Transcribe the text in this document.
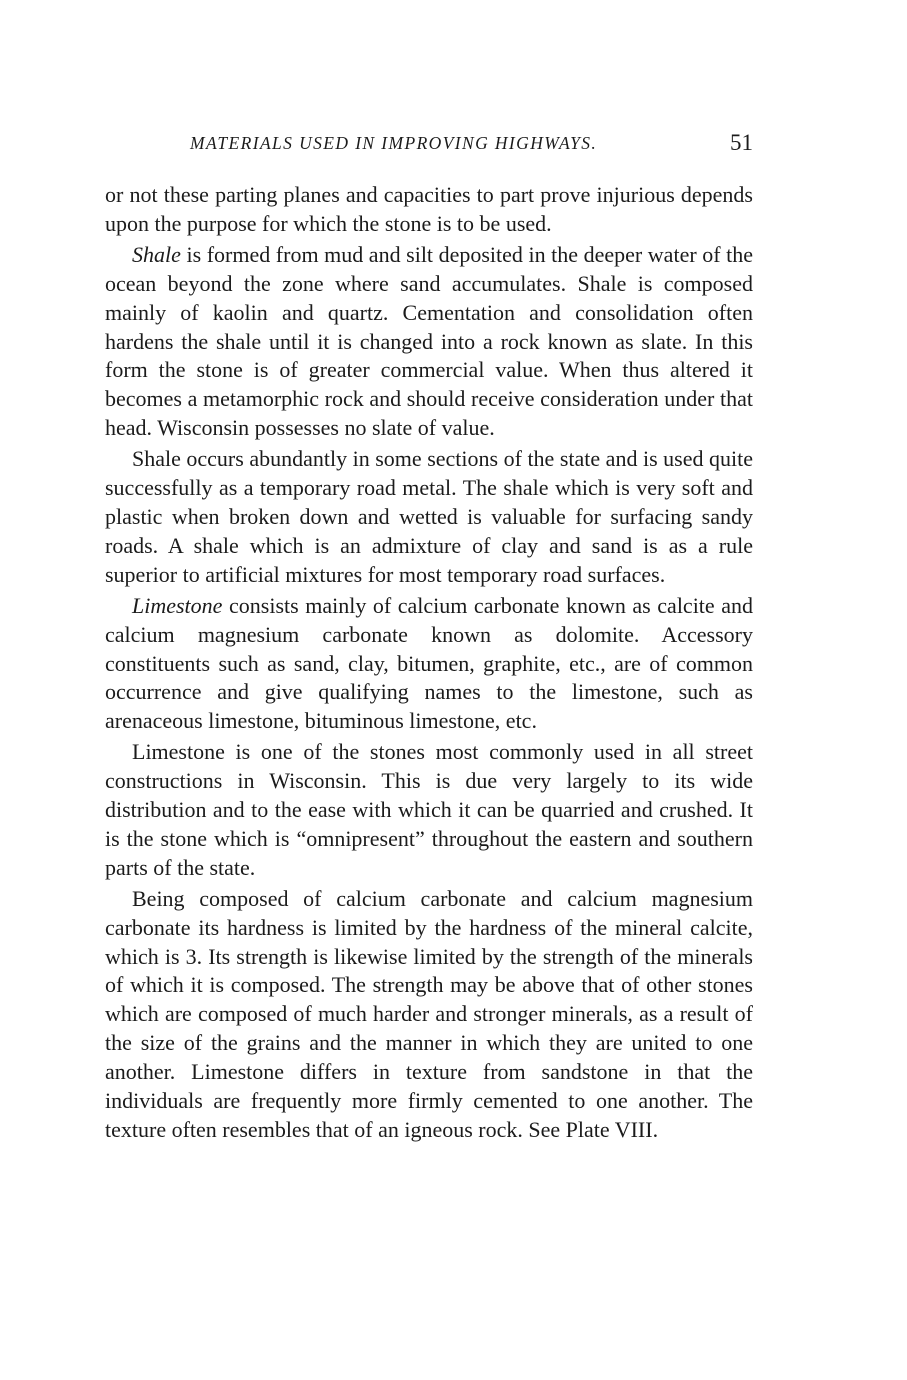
MATERIALS USED IN IMPROVING HIGHWAYS.	51

or not these parting planes and capacities to part prove injurious depends upon the purpose for which the stone is to be used.

Shale is formed from mud and silt deposited in the deeper water of the ocean beyond the zone where sand accumulates. Shale is composed mainly of kaolin and quartz. Cementation and consolidation often hardens the shale until it is changed into a rock known as slate. In this form the stone is of greater commercial value. When thus altered it becomes a metamorphic rock and should receive consideration under that head. Wisconsin possesses no slate of value.

Shale occurs abundantly in some sections of the state and is used quite successfully as a temporary road metal. The shale which is very soft and plastic when broken down and wetted is valuable for surfacing sandy roads. A shale which is an admixture of clay and sand is as a rule superior to artificial mixtures for most temporary road surfaces.

Limestone consists mainly of calcium carbonate known as calcite and calcium magnesium carbonate known as dolomite. Accessory constituents such as sand, clay, bitumen, graphite, etc., are of common occurrence and give qualifying names to the limestone, such as arenaceous limestone, bituminous limestone, etc.

Limestone is one of the stones most commonly used in all street constructions in Wisconsin. This is due very largely to its wide distribution and to the ease with which it can be quarried and crushed. It is the stone which is “omnipresent” throughout the eastern and southern parts of the state.

Being composed of calcium carbonate and calcium magnesium carbonate its hardness is limited by the hardness of the mineral calcite, which is 3. Its strength is likewise limited by the strength of the minerals of which it is composed. The strength may be above that of other stones which are composed of much harder and stronger minerals, as a result of the size of the grains and the manner in which they are united to one another. Limestone differs in texture from sandstone in that the individuals are frequently more firmly cemented to one another. The texture often resembles that of an igneous rock. See Plate VIII.
